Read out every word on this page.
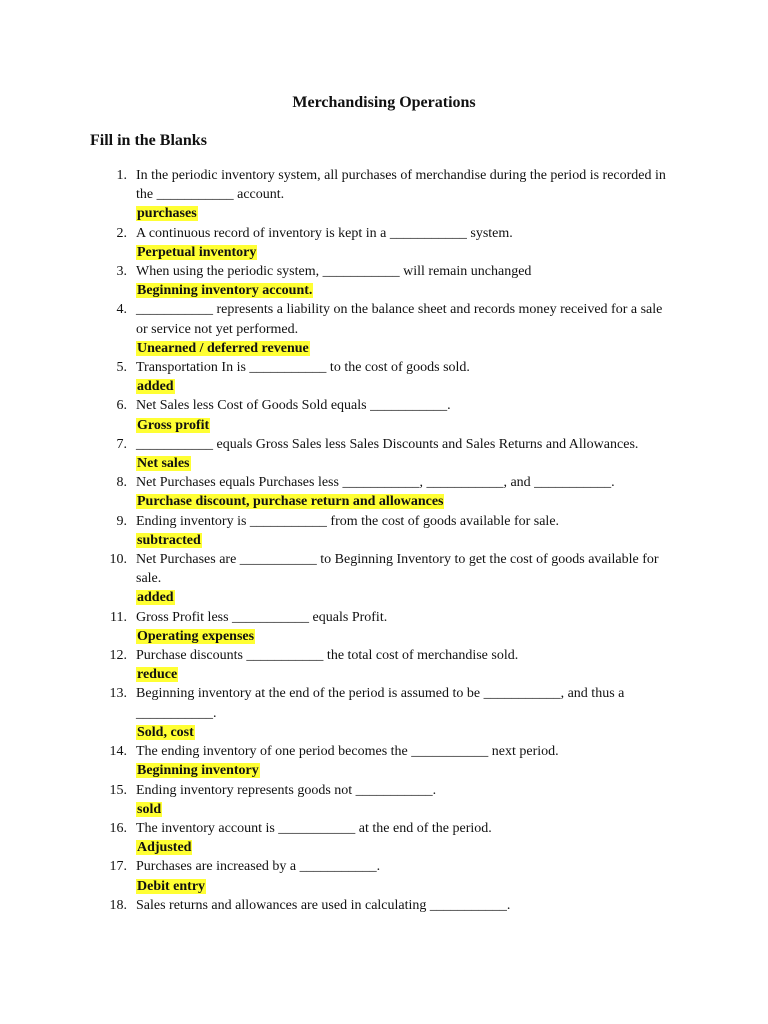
Merchandising Operations
Fill in the Blanks
1. In the periodic inventory system, all purchases of merchandise during the period is recorded in the ___________ account.
purchases
2. A continuous record of inventory is kept in a ___________ system.
Perpetual inventory
3. When using the periodic system, ___________ will remain unchanged
Beginning inventory account.
4. ___________ represents a liability on the balance sheet and records money received for a sale or service not yet performed.
Unearned / deferred revenue
5. Transportation In is ___________ to the cost of goods sold.
added
6. Net Sales less Cost of Goods Sold equals ___________.
Gross profit
7. ___________ equals Gross Sales less Sales Discounts and Sales Returns and Allowances.
Net sales
8. Net Purchases equals Purchases less ___________, ___________, and ___________.
Purchase discount, purchase return and allowances
9. Ending inventory is ___________ from the cost of goods available for sale.
subtracted
10. Net Purchases are ___________ to Beginning Inventory to get the cost of goods available for sale.
added
11. Gross Profit less ___________ equals Profit.
Operating expenses
12. Purchase discounts ___________ the total cost of merchandise sold.
reduce
13. Beginning inventory at the end of the period is assumed to be ___________, and thus a ___________.
Sold, cost
14. The ending inventory of one period becomes the ___________ next period.
Beginning inventory
15. Ending inventory represents goods not ___________.
sold
16. The inventory account is ___________ at the end of the period.
Adjusted
17. Purchases are increased by a ___________.
Debit entry
18. Sales returns and allowances are used in calculating ___________.
